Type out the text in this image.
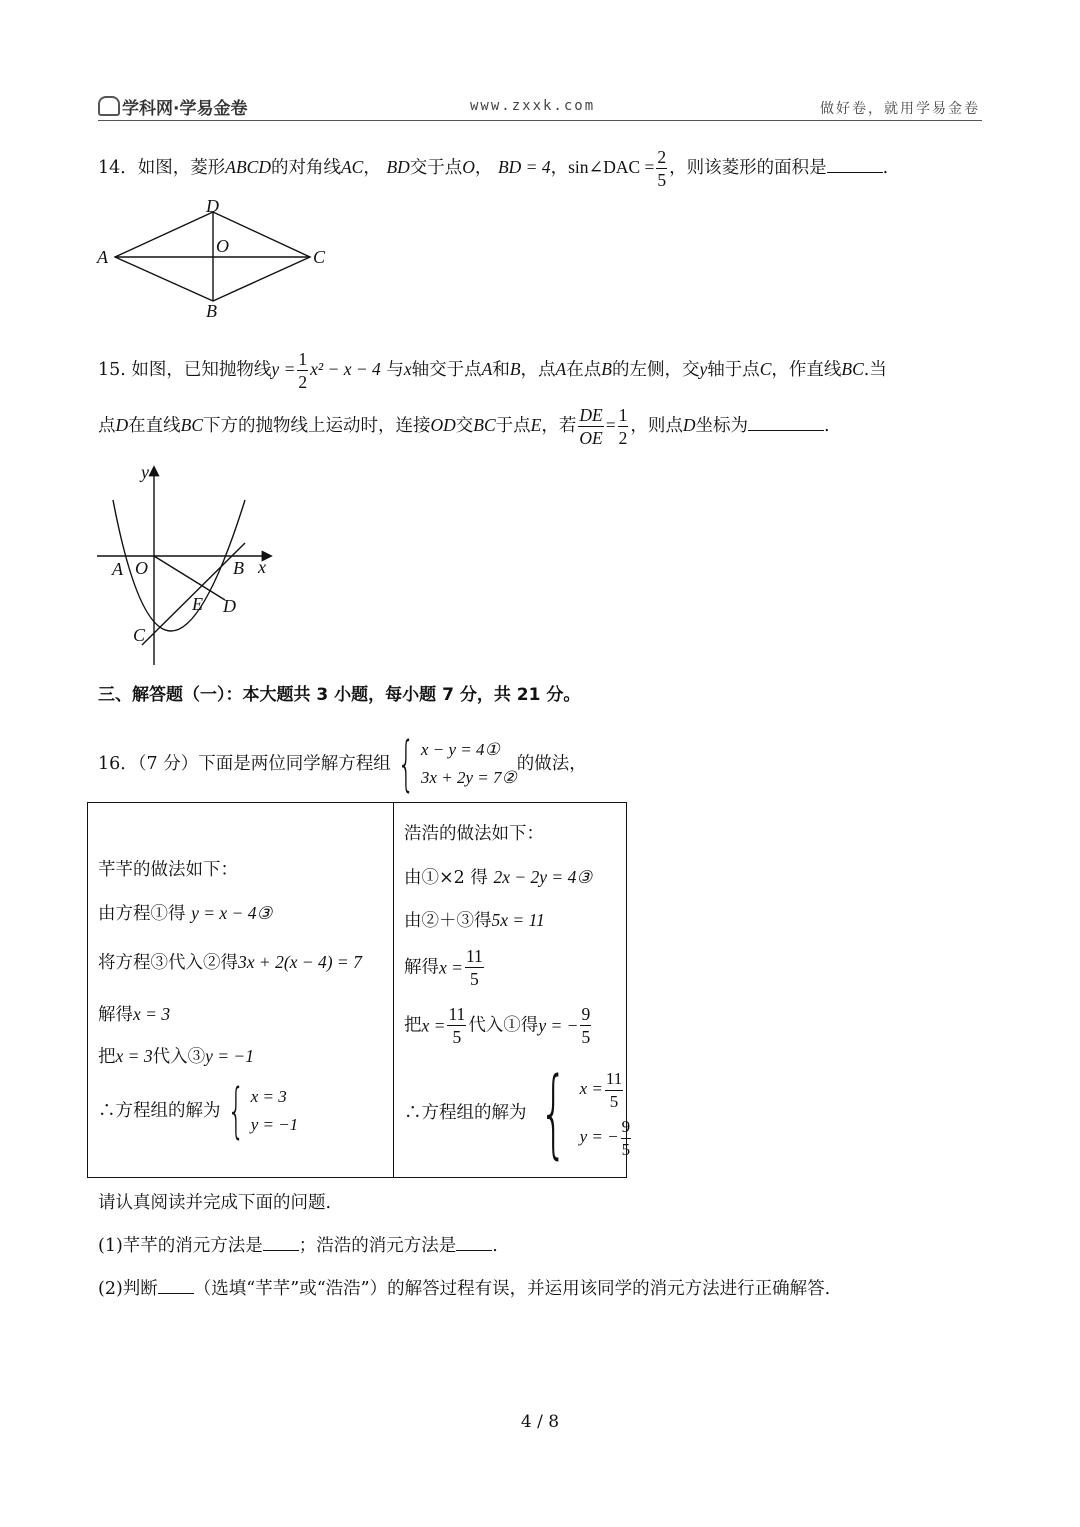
学科网·学易金卷	www.zxxk.com	做好卷，就用学易金卷
14．如图，菱形ABCD的对角线AC， BD交于点O， BD = 4，sin∠DAC = $\frac{2}{5}$ ，则该菱形的面积是	.
D
A
O
C
B
15. 如图，已知抛物线$y = \frac{1}{2} x^2 - x - 4$ 与x轴交于点A和B，点A在点B的左侧，交y轴于点C，作直线BC.当
点D在直线BC下方的抛物线上运动时，连接OD交BC于点E，若 $\frac{DE}{OE} = \frac{1}{2}$ ，则点D坐标为	.
y
A O	B x
E D
C
三、解答题（一）：本大题共 3 小题，每小题 7 分，共 21 分。
16．（7 分）下面是两位同学解方程组 { x − y = 4①
3x + 2y = 7②
的做法，
芊芊的做法如下：
由方程①得 y = x − 4③
将方程③代入②得3x + 2(x − 4) = 7
解得x = 3
把x = 3代入③y = −1
∴方程组的解为 { x = 3
y = −1

浩浩的做法如下：
由①×2 得 2x − 2y = 4③
由②＋③得5x = 11
解得$x = \frac{11}{5}$
把$x = \frac{11}{5}$ 代入①得y = − $\frac{9}{5}$
∴方程组的解为 { $x = \frac{11}{5}$
y = − $\frac{9}{5}$
请认真阅读并完成下面的问题.
(1)芊芊的消元方法是 ；浩浩的消元方法是 .
(2)判断 （选填“芊芊”或“浩浩”）的解答过程有误，并运用该同学的消元方法进行正确解答.
4 / 8
